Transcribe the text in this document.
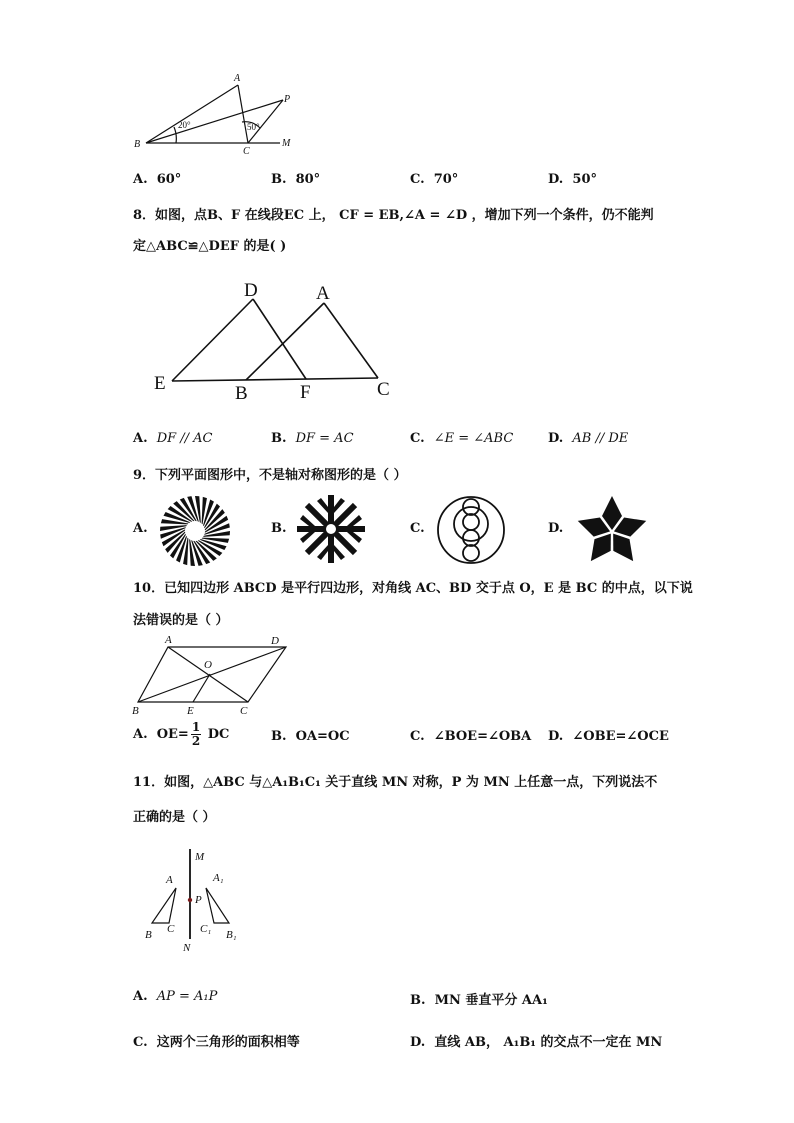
A
B
C
P
M
20°	50°
A. 60°	B. 80°	C. 70°	D. 50°
8．如图，点B、F 在线段EC 上， CF = EB,∠A = ∠D ，增加下列一个条件，仍不能判
定△ABC≌△DEF 的是( )
D	A
E	B	F	C
A. DF // AC	B. DF = AC	C. ∠E = ∠ABC	D. AB // DE
9．下列平面图形中，不是轴对称图形的是（ ）
A.	B.	C.	D.
10．已知四边形 ABCD 是平行四边形，对角线 AC、BD 交于点 O，E 是 BC 的中点，以下说
法错误的是（ ）
A	D
O
B	E	C
A. $OE= \frac{1}{2}$ DC	B. OA=OC	C. ∠BOE=∠OBA D. ∠OBE=∠OCE
11．如图，△ABC 与△A₁B₁C₁ 关于直线 MN 对称，P 为 MN 上任意一点，下列说法不
正确的是（ ）
M
N
P
A
B C
A₁
C₁ B₁
A. AP = A₁P	B. MN 垂直平分 AA₁
C. 这两个三角形的面积相等	D. 直线 AB， A₁B₁ 的交点不一定在 MN
